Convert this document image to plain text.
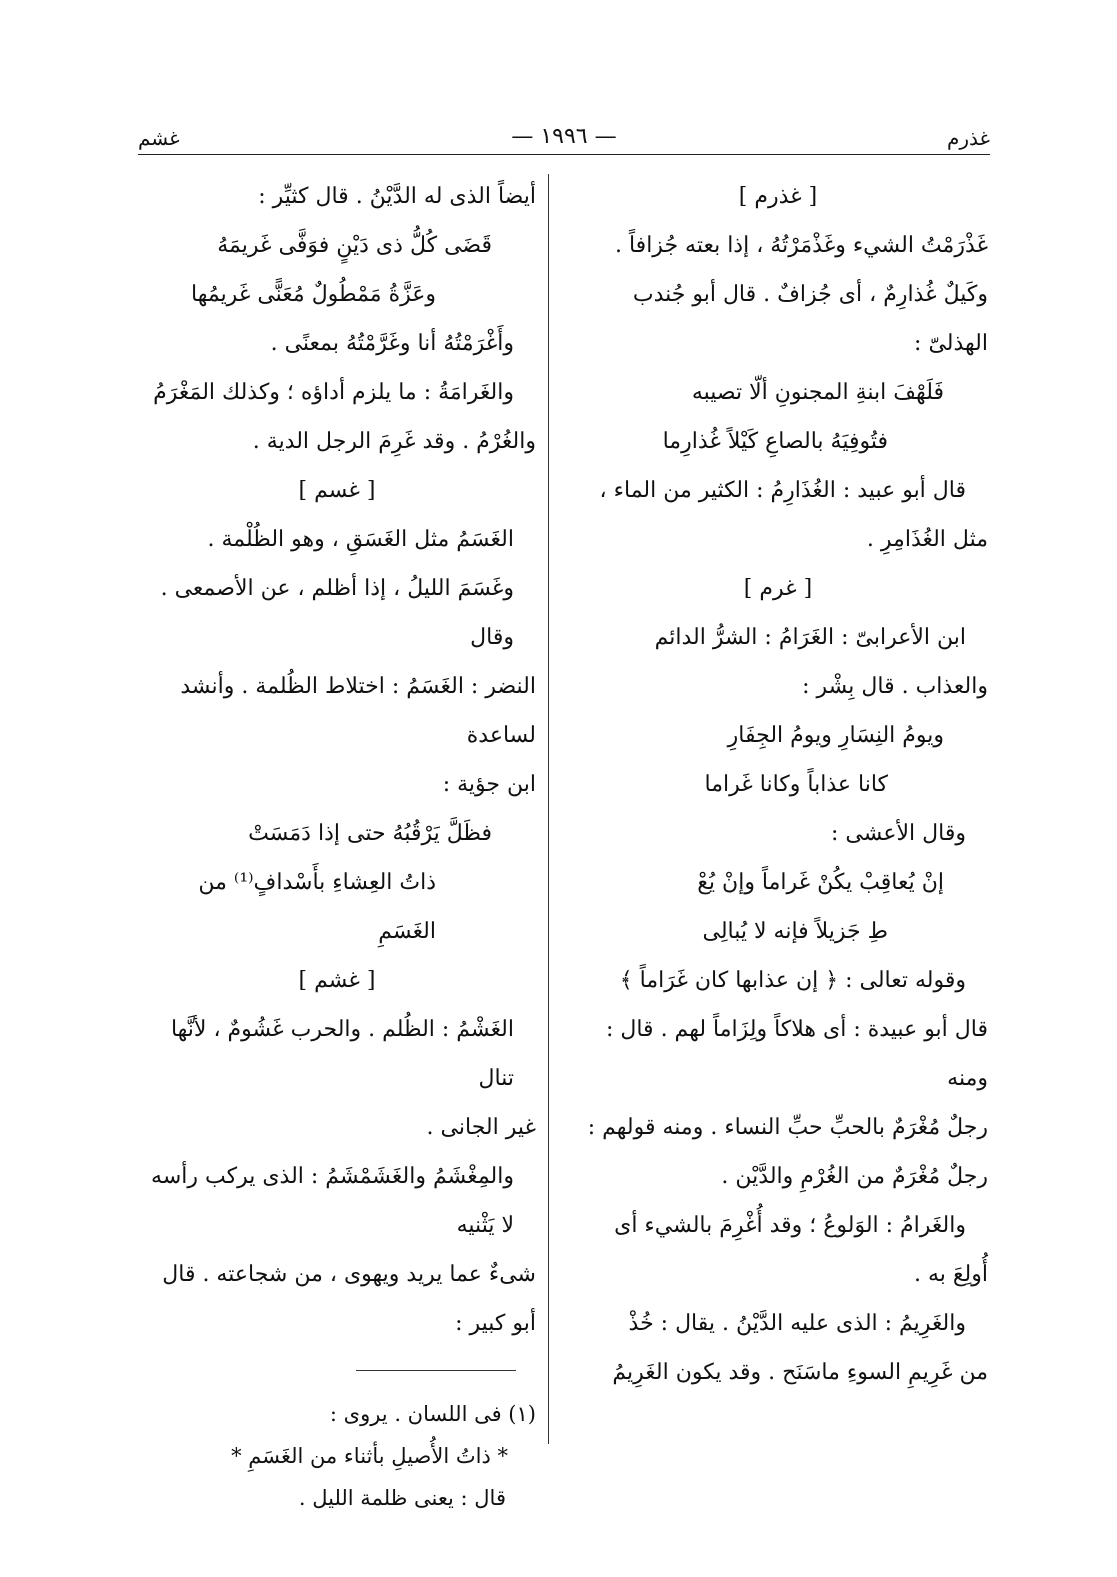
غذرم
— ١٩٩٦ —
غشم

[ غذرم ]

غَذْرَمْتُ الشيء وغَذْمَرْتُهُ ، إذا بعته جُزافاً .

وكَيلٌ غُذارِمٌ ، أى جُزافٌ . قال أبو جُندب

الهذلىّ :

فَلَهْفَ ابنةِ المجنونِ ألّا تصيبه

فتُوفِيَهُ بالصاعِ كَيْلاً غُذارِما

قال أبو عبيد : الغُذَارِمُ : الكثير من الماء ،

مثل الغُذَامِرِ .

[ غرم ]

ابن الأعرابىّ : الغَرَامُ : الشرُّ الدائم

والعذاب . قال بِشْر :

ويومُ النِسَارِ ويومُ الجِفَارِ

كانا عذاباً وكانا غَراما

وقال الأعشى :

إنْ يُعاقِبْ يكُنْ غَراماً وإنْ يُعْ

طِ جَزيلاً فإنه لا يُبالِى

وقوله تعالى : ﴿ إن عذابها كان غَرَاماً ﴾

قال أبو عبيدة : أى هلاكاً ولِزَاماً لهم . قال : ومنه

رجلٌ مُغْرَمٌ بالحبِّ حبِّ النساء . ومنه قولهم :

رجلٌ مُغْرَمٌ من الغُرْمِ والدَّيْن .

والغَرامُ : الوَلوعُ ؛ وقد أُغْرِمَ بالشيء أى

أُولِعَ به .

والغَرِيمُ : الذى عليه الدَّيْنُ . يقال : خُذْ

من غَرِيمِ السوءِ ماسَنَح . وقد يكون الغَرِيمُ

أيضاً الذى له الدَّيْنُ . قال كثيِّر :

قَضَى كُلُّ ذى دَيْنٍ فوَفَّى غَريمَهُ

وعَزَّةُ مَمْطُولٌ مُعَنًّى غَريمُها

وأَغْرَمْتُهُ أنا وغَرَّمْتُهُ بمعنًى .

والغَرامَةُ : ما يلزم أداؤه ؛ وكذلك المَغْرَمُ

والغُرْمُ . وقد غَرِمَ الرجل الدية .

[ غسم ]

الغَسَمُ مثل الغَسَقِ ، وهو الظُلْمة .

وغَسَمَ الليلُ ، إذا أظلم ، عن الأصمعى . وقال

النضر : الغَسَمُ : اختلاط الظُلمة . وأنشد لساعدة

ابن جؤية :

فظَلَّ يَرْقُبُهُ حتى إذا دَمَسَتْ

ذاتُ العِشاءِ بأَسْدافٍ⁽¹⁾ من الغَسَمِ

[ غشم ]

الغَشْمُ : الظُلم . والحرب غَشُومٌ ، لأنَّها تنال

غير الجانى .

والمِغْشَمُ والغَشَمْشَمُ : الذى يركب رأسه لا يَثْنيه

شىءٌ عما يريد ويهوى ، من شجاعته . قال

أبو كبير :

(١) فى اللسان . يروى :

* ذاتُ الأُصيلِ بأثناء من الغَسَمِ *

قال : يعنى ظلمة الليل .
